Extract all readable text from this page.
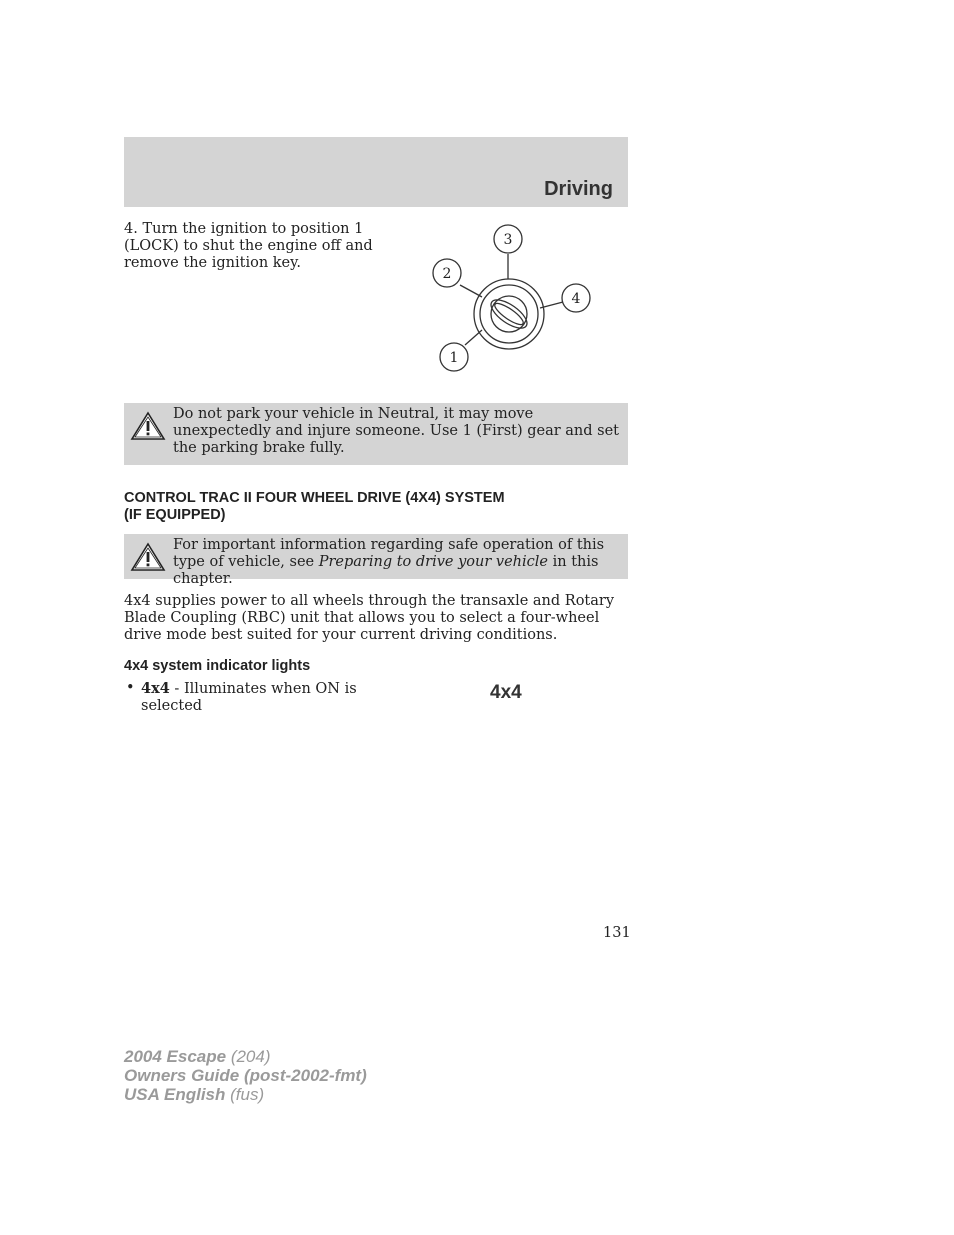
Driving
4. Turn the ignition to position 1 (LOCK) to shut the engine off and remove the ignition key.
1
2
3
4
Do not park your vehicle in Neutral, it may move unexpectedly and injure someone. Use 1 (First) gear and set the parking brake fully.
CONTROL TRAC II FOUR WHEEL DRIVE (4X4) SYSTEM
(IF EQUIPPED)
For important information regarding safe operation of this type of vehicle, see Preparing to drive your vehicle in this chapter.
4x4 supplies power to all wheels through the transaxle and Rotary Blade Coupling (RBC) unit that allows you to select a four-wheel drive mode best suited for your current driving conditions.
4x4 system indicator lights
• 4x4 - Illuminates when ON is selected
4x4
131
2004 Escape (204)
Owners Guide (post-2002-fmt)
USA English (fus)
